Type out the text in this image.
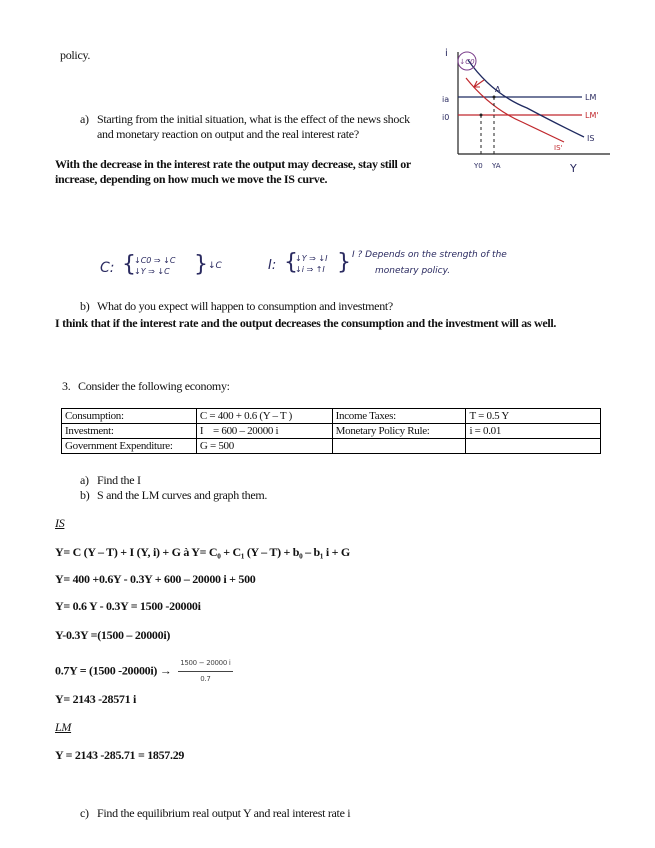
policy.
a) Starting from the initial situation, what is the effect of the news shock and monetary reaction on output and the real interest rate?
With the decrease in the interest rate the output may decrease, stay still or increase, depending on how much we move the IS curve.
↓C0
i
ia
i0
A
Y0 YA	Y
LM
LM'
IS
IS'
C: {
↓C0 ⇒ ↓C
↓Y ⇒ ↓C } ↓C	I: {
↓Y ⇒ ↓I
↓i ⇒ ↑I } I ? Depends on the strength of the
monetary policy.
b) What do you expect will happen to consumption and investment?
I think that if the interest rate and the output decreases the consumption and the investment will as well.
3. Consider the following economy:
Consumption:	C = 400 + 0.6 (Y – T )	Income Taxes:	T = 0.5 Y
Investment:	I    = 600 – 20000 i	Monetary Policy Rule:	i = 0.01
Government Expenditure:	G = 500		
a) Find the I
b) S and the LM curves and graph them.
IS
Y= C (Y – T) + I (Y, i) + G à Y= C₀ + C₁ (Y – T) + b₀ – b₁ i + G
Y= 400 +0.6Y - 0.3Y + 600 – 20000 i + 500
Y= 0.6 Y - 0.3Y = 1500 -20000i
Y-0.3Y =(1500 – 20000i)
0.7Y = (1500 $-20000i) \to \frac{1500 - 20000 i}{0.7}$
Y= 2143 -28571 i
LM
Y = 2143 -285.71 = 1857.29
c) Find the equilibrium real output Y and real interest rate i
